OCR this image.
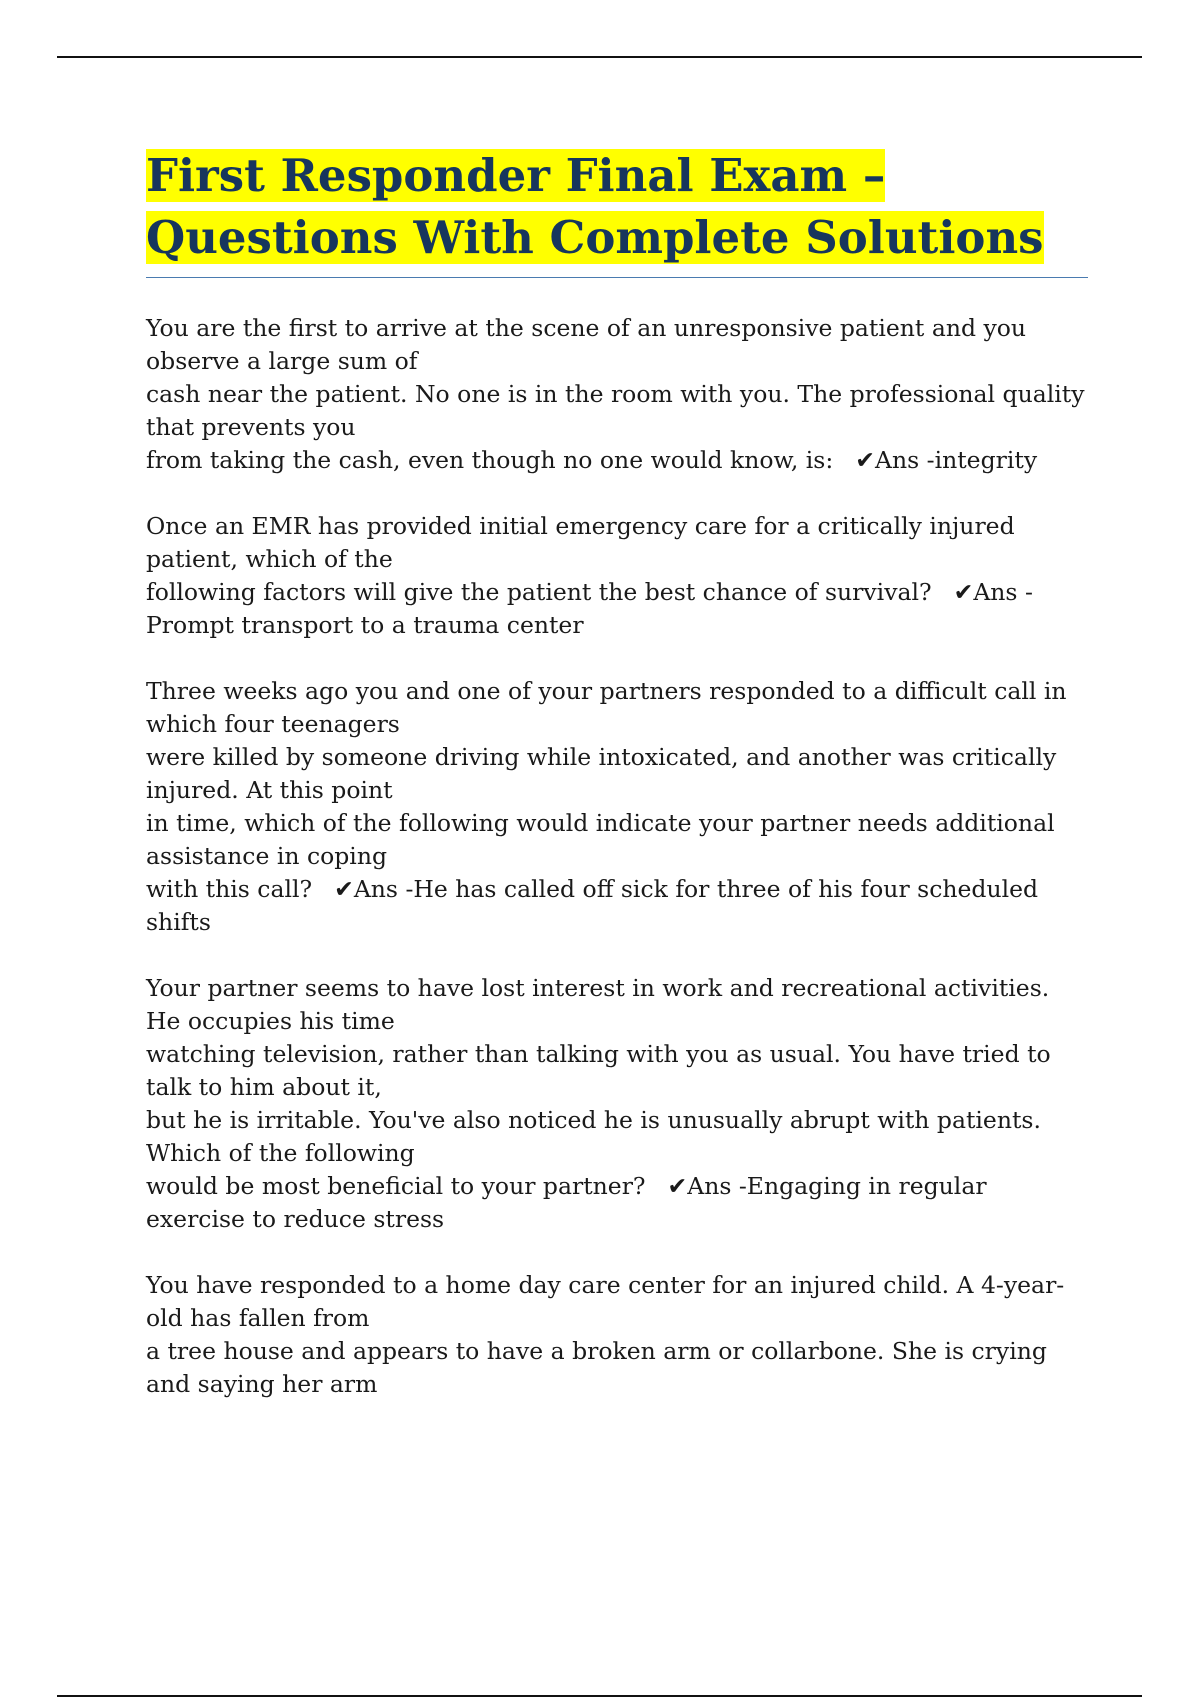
First Responder Final Exam –
Questions With Complete Solutions

You are the first to arrive at the scene of an unresponsive patient and you
observe a large sum of
cash near the patient. No one is in the room with you. The professional quality
that prevents you
from taking the cash, even though no one would know, is: ✔Ans -integrity

Once an EMR has provided initial emergency care for a critically injured
patient, which of the
following factors will give the patient the best chance of survival? ✔Ans -
Prompt transport to a trauma center

Three weeks ago you and one of your partners responded to a difficult call in
which four teenagers
were killed by someone driving while intoxicated, and another was critically
injured. At this point
in time, which of the following would indicate your partner needs additional
assistance in coping
with this call? ✔Ans -He has called off sick for three of his four scheduled
shifts

Your partner seems to have lost interest in work and recreational activities.
He occupies his time
watching television, rather than talking with you as usual. You have tried to
talk to him about it,
but he is irritable. You've also noticed he is unusually abrupt with patients.
Which of the following
would be most beneficial to your partner? ✔Ans -Engaging in regular
exercise to reduce stress

You have responded to a home day care center for an injured child. A 4-year-
old has fallen from
a tree house and appears to have a broken arm or collarbone. She is crying
and saying her arm
